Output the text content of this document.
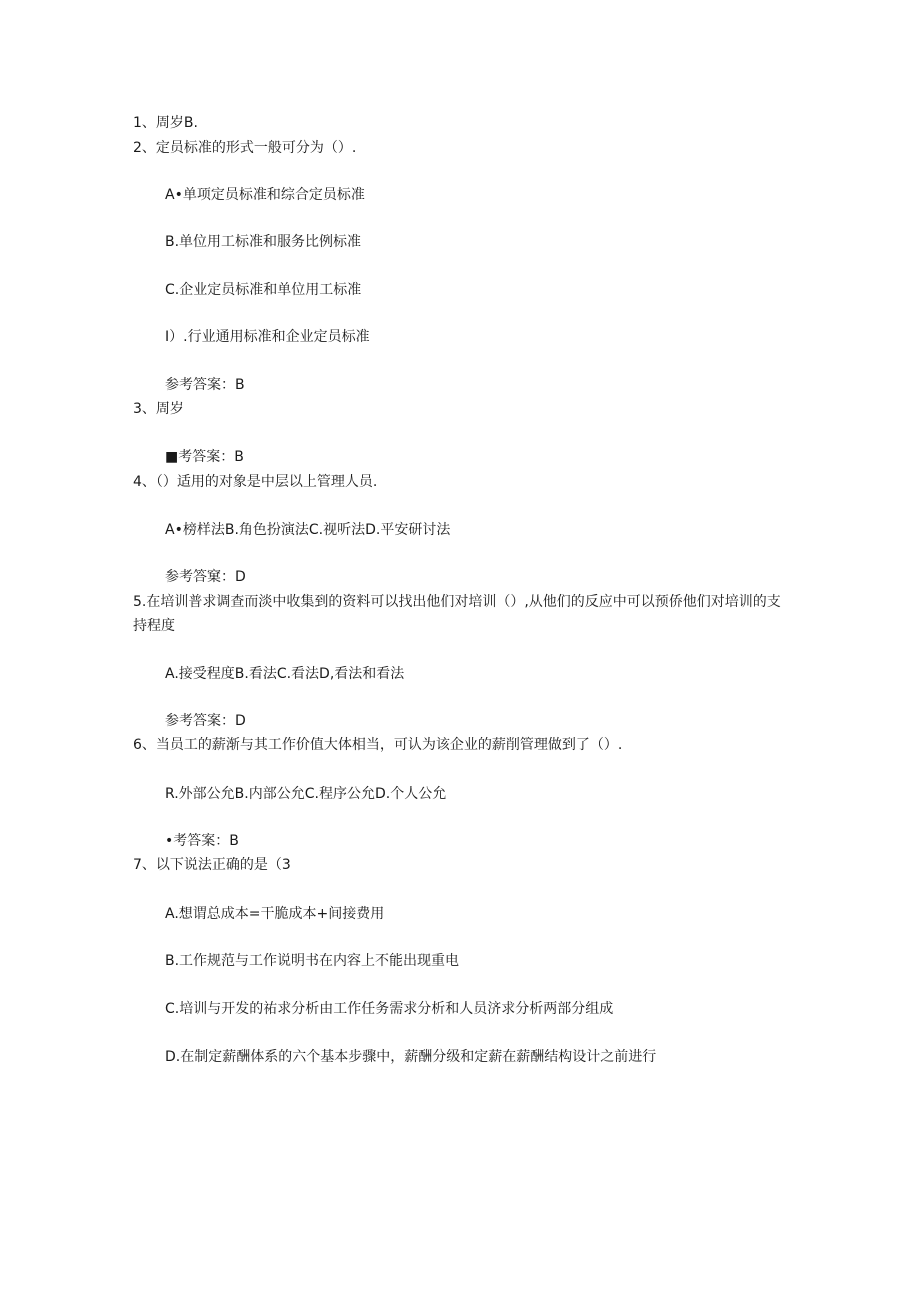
1、周岁B.
2、定员标准的形式一般可分为（）.
A•单项定员标准和综合定员标准
B.单位用工标准和服务比例标准
C.企业定员标准和单位用工标准
I）.行业通用标准和企业定员标准
参考答案：B
3、周岁
■考答案：B
4、（）适用的对象是中层以上管理人员.
A•榜样法B.角色扮演法C.视听法D.平安研讨法
参考答窠：D
5.在培训普求调查而淡中收集到的资料可以找出他们对培训（）,从他们的反应中可以预侨他们对培训的支持程度
A.接受程度B.看法C.看法D,看法和看法
参考答案：D
6、当员工的薪渐与其工作价值大体相当，可认为该企业的薪削管理做到了（）.
R.外部公允B.内部公允C.程序公允D.个人公允
•考答案：B
7、以下说法正确的是（3
A.想谓总成本=干脆成本+间接费用
B.工作规范与工作说明书在内容上不能出现重电
C.培训与开发的祐求分析由工作任务需求分析和人员济求分析两部分组成
D.在制定薪酬体系的六个基本步骤中，薪酬分级和定薪在薪酬结构设计之前进行
